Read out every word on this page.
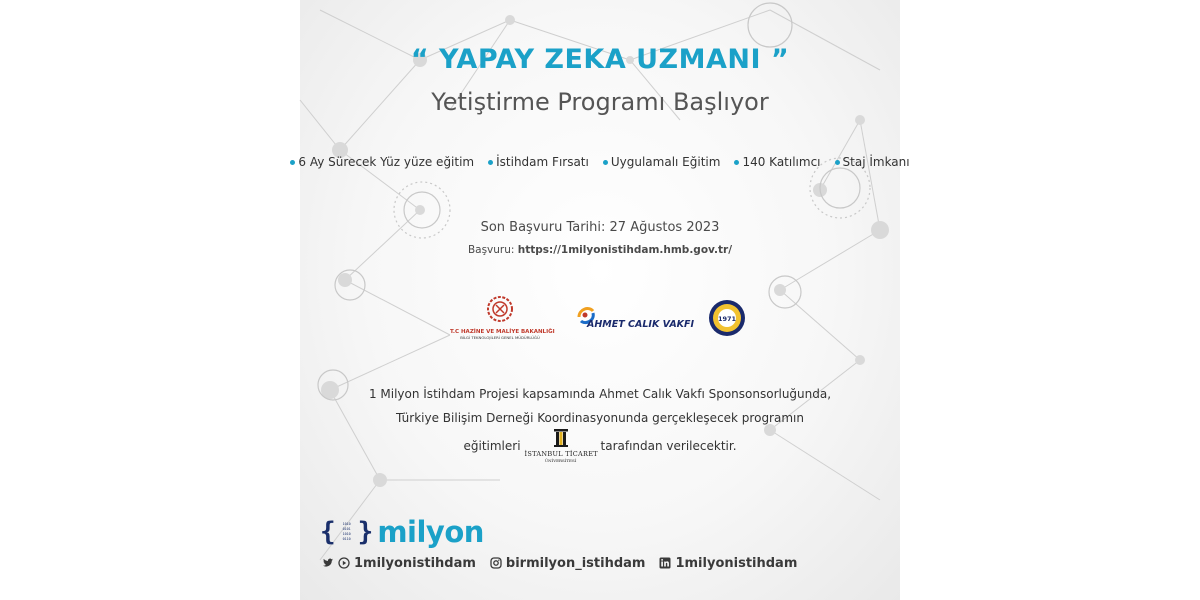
“ YAPAY ZEKA UZMANI ”
Yetiştirme Programı Başlıyor
6 Ay Sürecek Yüz yüze eğitim İstihdam Fırsatı Uygulamalı Eğitim 140 Katılımcı Staj İmkanı
Son Başvuru Tarihi: 27 Ağustos 2023
Başvuru: https://1milyonistihdam.hmb.gov.tr/
T.C HAZİNE VE MALİYE BAKANLIĞI
BİLGİ TEKNOLOJİLERİ GENEL MÜDÜRLÜĞÜ
AHMET CALIK VAKFI	1971
1 Milyon İstihdam Projesi kapsamında Ahmet Calık Vakfı Sponsonsorluğunda,
Türkiye Bilişim Derneği Koordinasyonunda gerçekleşecek programın
eğitimleri
İSTANBUL TİCARET
ÜNİVERSİTESİ
tarafından verilecektir.
{	1010
0101
1010
0110 } milyon
1milyonistihdam birmilyon_istihdam 1milyonistihdam
